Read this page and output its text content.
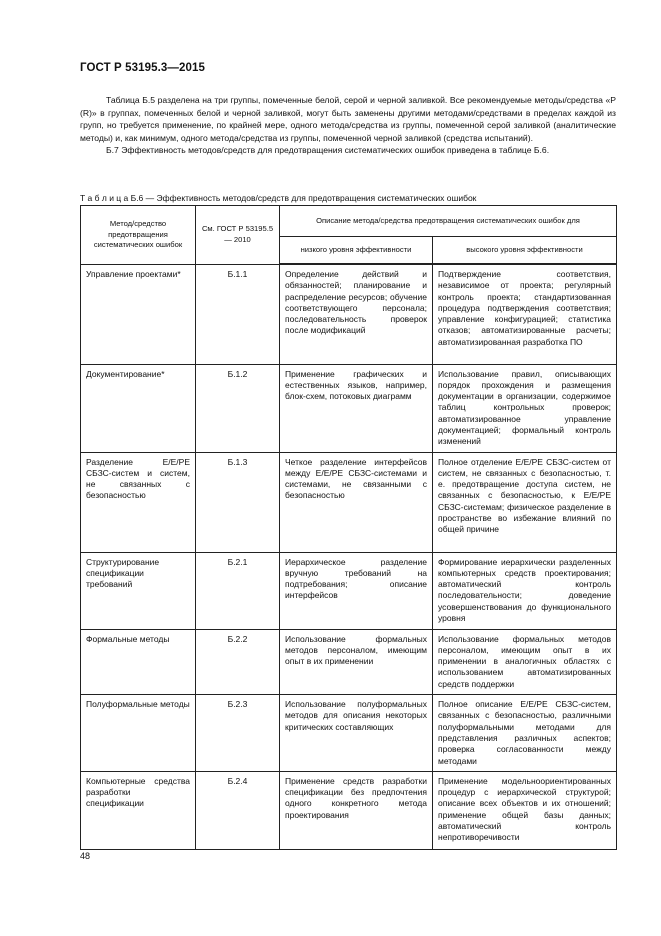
ГОСТ Р 53195.3—2015

Таблица Б.5 разделена на три группы, помеченные белой, серой и черной заливкой. Все рекомендуемые методы/средства «Р (R)» в группах, помеченных белой и черной заливкой, могут быть заменены другими методами/средствами в пределах каждой из групп, но требуется применение, по крайней мере, одного метода/средства из группы, помеченной серой заливкой (аналитические методы) и, как минимум, одного метода/средства из группы, помеченной черной заливкой (средства испытаний).

Б.7 Эффективность методов/средств для предотвращения систематических ошибок приведена в таблице Б.6.

Т а б л и ц а Б.6 — Эффективность методов/средств для предотвращения систематических ошибок
Метод/средство предотвращения систематических ошибок	См. ГОСТ Р 53195.5— 2010	Описание метода/средства предотвращения систематических ошибок для	
		низкого уровня эффективности	высокого уровня эффективности
Управление проектами*	Б.1.1	Определение действий и обязанностей; планирование и распределение ресурсов; обучение соответствующего персонала; последовательность проверок после модификаций	Подтверждение соответствия, независимое от проекта; регулярный контроль проекта; стандартизованная процедура подтверждения соответствия; управление конфигурацией; статистика отказов; автоматизированные расчеты; автоматизированная разработка ПО
Документирование*	Б.1.2	Применение графических и естественных языков, например, блок-схем, потоковых диаграмм	Использование правил, описывающих порядок прохождения и размещения документации в организации, содержимое таблиц контрольных проверок; автоматизированное управление документацией; формальный контроль изменений
Разделение Е/Е/РЕ СБЗС-систем и систем, не связанных с безопасностью	Б.1.3	Четкое разделение интерфейсов между Е/Е/РЕ СБЗС-системами и системами, не связанными с безопасностью	Полное отделение Е/Е/РЕ СБЗС-систем от систем, не связанных с безопасностью, т. е. предотвращение доступа систем, не связанных с безопасностью, к Е/Е/РЕ СБЗС-системам; физическое разделение в пространстве во избежание влияний по общей причине
Структурирование спецификации требований	Б.2.1	Иерархическое разделение вручную требований на подтребования; описание интерфейсов	Формирование иерархически разделенных компьютерных средств проектирования; автоматический контроль последовательности; доведение усовершенствования до функционального уровня
Формальные методы	Б.2.2	Использование формальных методов персоналом, имеющим опыт в их применении	Использование формальных методов персоналом, имеющим опыт в их применении в аналогичных областях с использованием автоматизированных средств поддержки
Полуформальные методы	Б.2.3	Использование полуформальных методов для описания некоторых критических составляющих	Полное описание Е/Е/РЕ СБЗС-систем, связанных с безопасностью, различными полуформальными методами для представления различных аспектов; проверка согласованности между методами
Компьютерные средства разработки спецификации	Б.2.4	Применение средств разработки спецификации без предпочтения одного конкретного метода проектирования	Применение модельноориентированных процедур с иерархической структурой; описание всех объектов и их отношений; применение общей базы данных; автоматический контроль непротиворечивости
48
